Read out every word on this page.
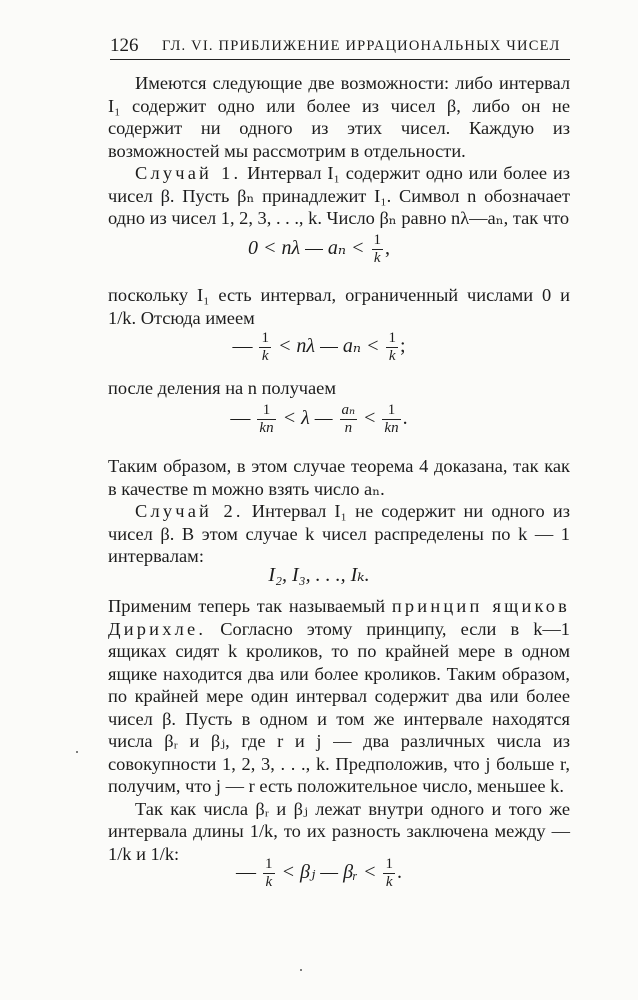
126 ГЛ. VI. ПРИБЛИЖЕНИЕ ИРРАЦИОНАЛЬНЫХ ЧИСЕЛ

Имеются следующие две возможности: либо интервал I₁ содержит одно или более из чисел β, либо он не содержит ни одного из этих чисел. Каждую из возможностей мы рассмотрим в отдельности.

Случай 1. Интервал I₁ содержит одно или более из чисел β. Пусть βₙ принадлежит I₁. Символ n обозначает одно из чисел 1, 2, 3, . . ., k. Число βₙ равно nλ—aₙ, так что

0 < nλ — $a_n < \frac{1}{k}$ ,

поскольку I₁ есть интервал, ограниченный числами 0 и 1/k. Отсюда имеем

— $\frac{1}{k} < n\lambda$ — $a_n < \frac{1}{k}$ ;

после деления на n получаем

— $\frac{1}{kn} < \lambda$ — $\frac{\text{aₙ}}{n} < \frac{1}{kn}$ .

Таким образом, в этом случае теорема 4 доказана, так как в качестве m можно взять число aₙ.

Случай 2. Интервал I₁ не содержит ни одного из чисел β. В этом случае k чисел распределены по k — 1 интервалам:

I₂, I₃, . . ., Iₖ.

Применим теперь так называемый принцип ящиков Дирихле. Согласно этому принципу, если в k—1 ящиках сидят k кроликов, то по крайней мере в одном ящике находится два или более кроликов. Таким образом, по крайней мере один интервал содержит два или более чисел β. Пусть в одном и том же интервале находятся числа βᵣ и βⱼ, где r и j — два различных числа из совокупности 1, 2, 3, . . ., k. Предположив, что j больше r, получим, что j — r есть положительное число, меньшее k.

Так как числа βᵣ и βⱼ лежат внутри одного и того же интервала длины 1/k, то их разность заключена между —1/k и 1/k:

— $\frac{1}{k}$ < βⱼ — βᵣ < $\frac{1}{k}$ .
